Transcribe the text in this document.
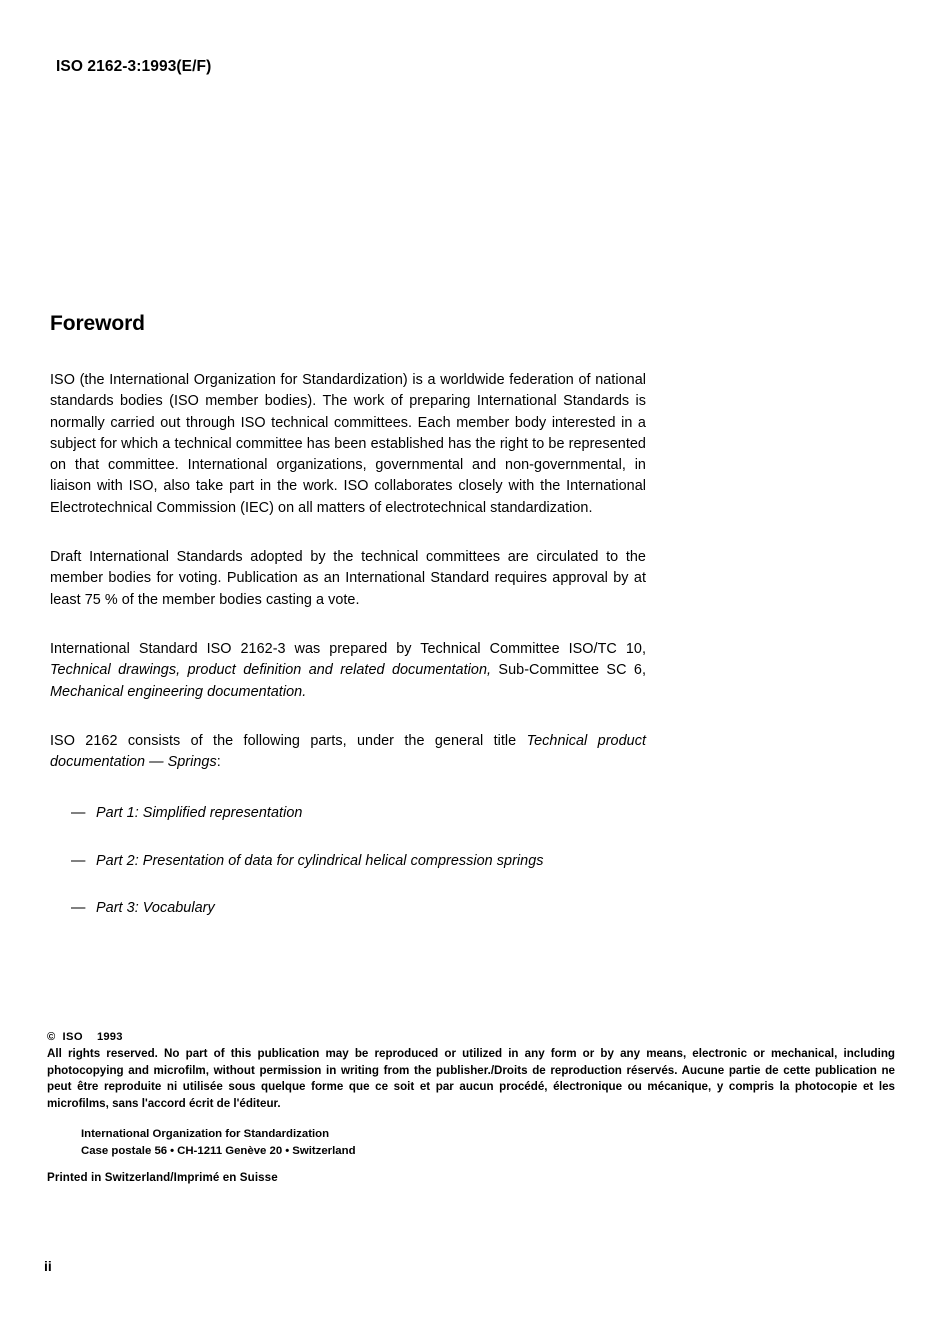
ISO 2162-3:1993(E/F)
Foreword

ISO (the International Organization for Standardization) is a worldwide federation of national standards bodies (ISO member bodies). The work of preparing International Standards is normally carried out through ISO technical committees. Each member body interested in a subject for which a technical committee has been established has the right to be represented on that committee. International organizations, governmental and non-governmental, in liaison with ISO, also take part in the work. ISO collaborates closely with the International Electrotechnical Commission (IEC) on all matters of electrotechnical standardization.

Draft International Standards adopted by the technical committees are circulated to the member bodies for voting. Publication as an International Standard requires approval by at least 75 % of the member bodies casting a vote.

International Standard ISO 2162-3 was prepared by Technical Committee ISO/TC 10, Technical drawings, product definition and related documentation, Sub-Committee SC 6, Mechanical engineering documentation.

ISO 2162 consists of the following parts, under the general title Technical product documentation — Springs:

— Part 1: Simplified representation
— Part 2: Presentation of data for cylindrical helical compression springs
— Part 3: Vocabulary
© ISO 1993

All rights reserved. No part of this publication may be reproduced or utilized in any form or by any means, electronic or mechanical, including photocopying and microfilm, without permission in writing from the publisher./Droits de reproduction réservés. Aucune partie de cette publication ne peut être reproduite ni utilisée sous quelque forme que ce soit et par aucun procédé, électronique ou mécanique, y compris la photocopie et les microfilms, sans l'accord écrit de l'éditeur.

International Organization for Standardization
Case postale 56 • CH-1211 Genève 20 • Switzerland
Printed in Switzerland/Imprimé en Suisse
ii
